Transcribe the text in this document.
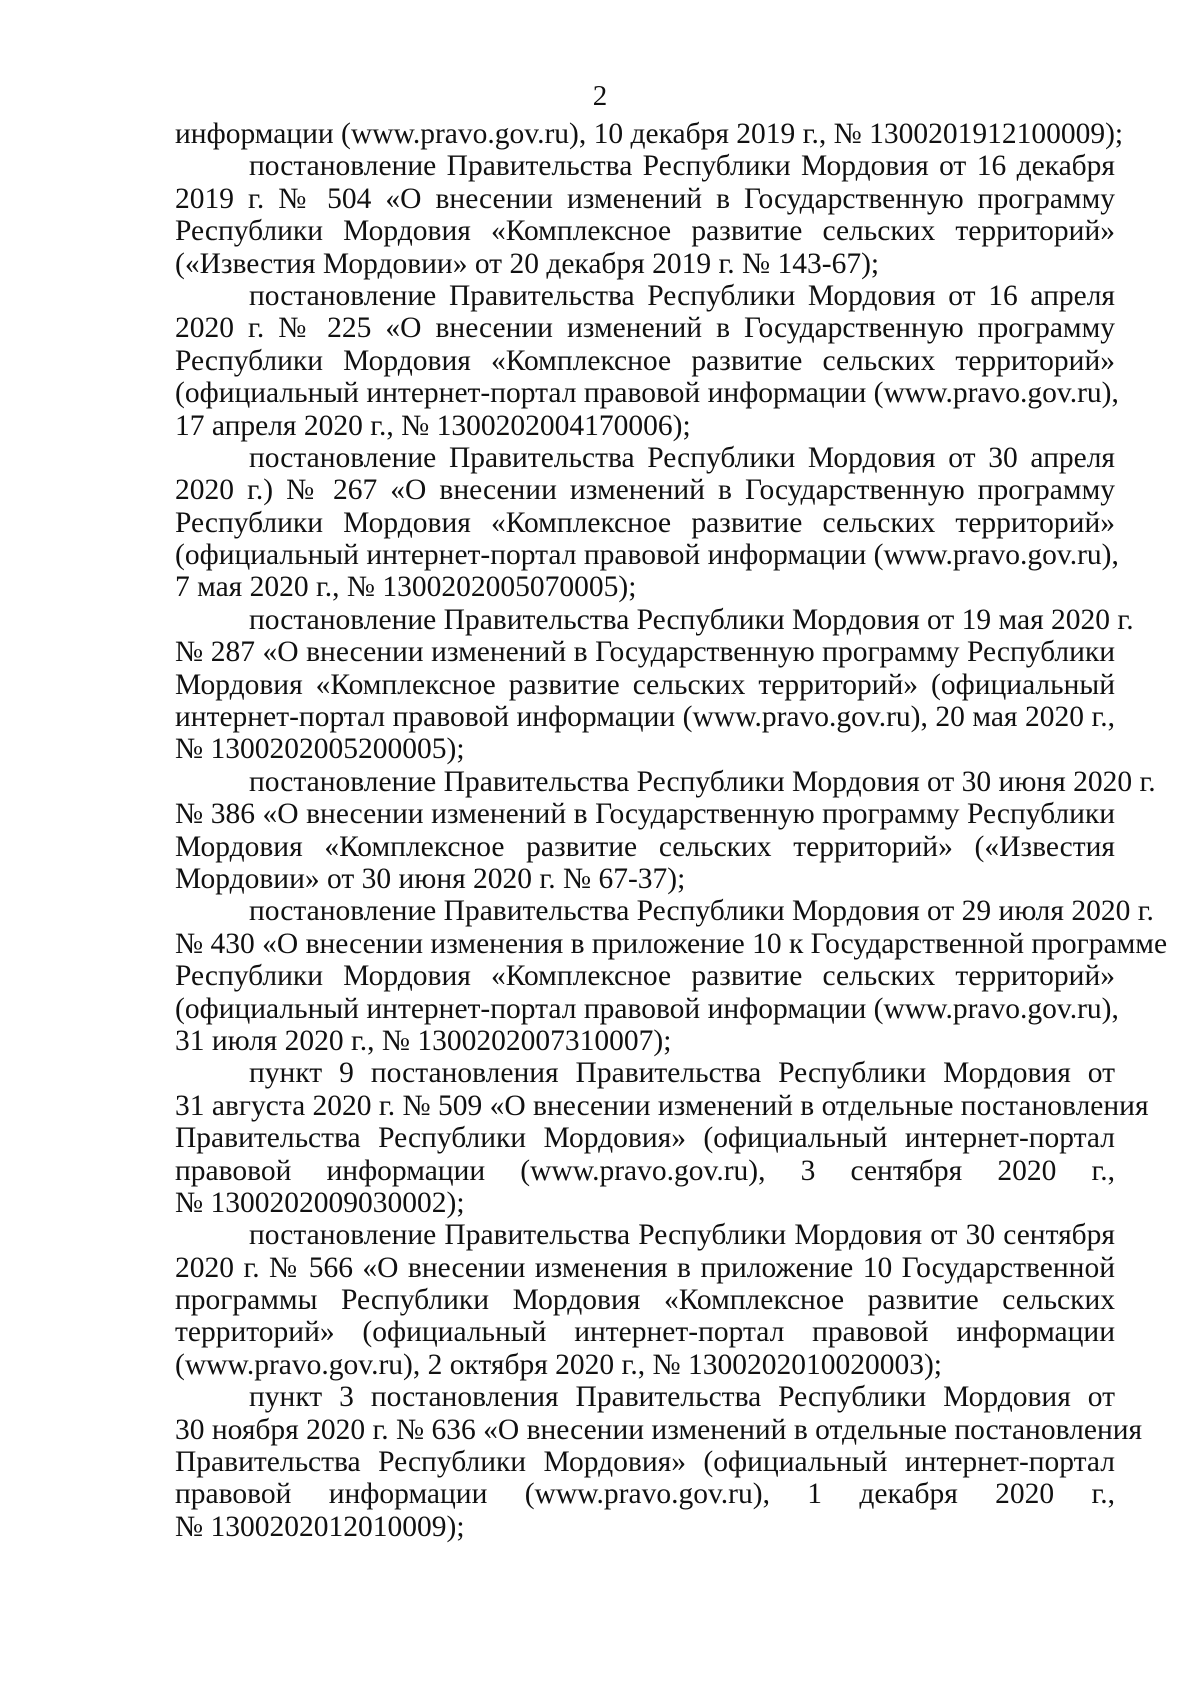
2
информации (www.pravo.gov.ru), 10 декабря 2019 г., № 1300201912100009);
постановление Правительства Республики Мордовия от 16 декабря
2019 г. № 504 «О внесении изменений в Государственную программу
Республики Мордовия «Комплексное развитие сельских территорий»
(«Известия Мордовии» от 20 декабря 2019 г. № 143-67);
постановление Правительства Республики Мордовия от 16 апреля
2020 г. № 225 «О внесении изменений в Государственную программу
Республики Мордовия «Комплексное развитие сельских территорий»
(официальный интернет-портал правовой информации (www.pravo.gov.ru),
17 апреля 2020 г., № 1300202004170006);
постановление Правительства Республики Мордовия от 30 апреля
2020 г.) № 267 «О внесении изменений в Государственную программу
Республики Мордовия «Комплексное развитие сельских территорий»
(официальный интернет-портал правовой информации (www.pravo.gov.ru),
7 мая 2020 г., № 1300202005070005);
постановление Правительства Республики Мордовия от 19 мая 2020 г.
№ 287 «О внесении изменений в Государственную программу Республики
Мордовия «Комплексное развитие сельских территорий» (официальный
интернет-портал правовой информации (www.pravo.gov.ru), 20 мая 2020 г.,
№ 1300202005200005);
постановление Правительства Республики Мордовия от 30 июня 2020 г.
№ 386 «О внесении изменений в Государственную программу Республики
Мордовия «Комплексное развитие сельских территорий» («Известия
Мордовии» от 30 июня 2020 г. № 67-37);
постановление Правительства Республики Мордовия от 29 июля 2020 г.
№ 430 «О внесении изменения в приложение 10 к Государственной программе
Республики Мордовия «Комплексное развитие сельских территорий»
(официальный интернет-портал правовой информации (www.pravo.gov.ru),
31 июля 2020 г., № 1300202007310007);
пункт 9 постановления Правительства Республики Мордовия от
31 августа 2020 г. № 509 «О внесении изменений в отдельные постановления
Правительства Республики Мордовия» (официальный интернет-портал
правовой информации (www.pravo.gov.ru), 3 сентября 2020 г.,
№ 1300202009030002);
постановление Правительства Республики Мордовия от 30 сентября
2020 г. № 566 «О внесении изменения в приложение 10 Государственной
программы Республики Мордовия «Комплексное развитие сельских
территорий» (официальный интернет-портал правовой информации
(www.pravo.gov.ru), 2 октября 2020 г., № 1300202010020003);
пункт 3 постановления Правительства Республики Мордовия от
30 ноября 2020 г. № 636 «О внесении изменений в отдельные постановления
Правительства Республики Мордовия» (официальный интернет-портал
правовой информации (www.pravo.gov.ru), 1 декабря 2020 г.,
№ 1300202012010009);
